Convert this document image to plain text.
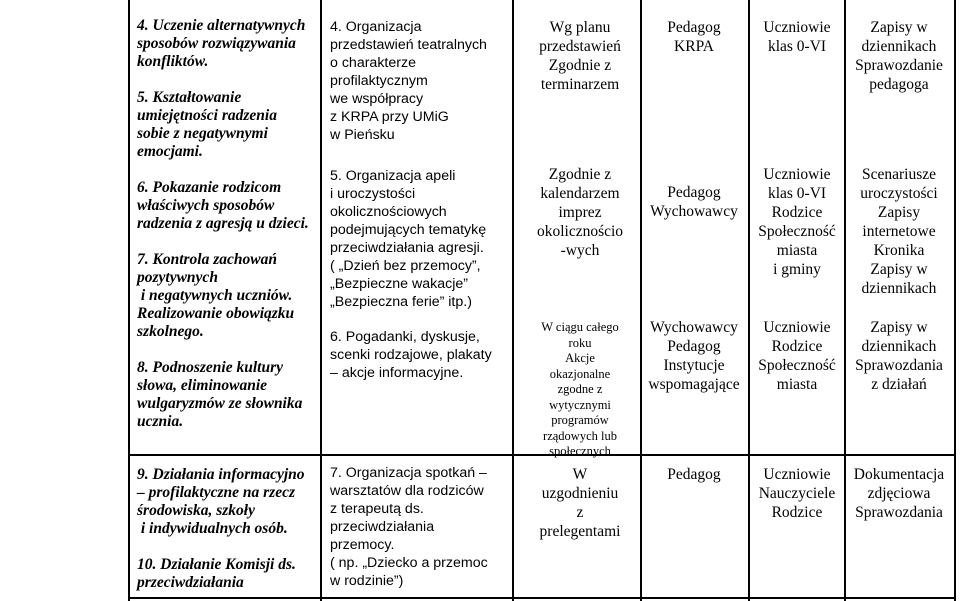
4. Uczenie alternatywnych
sposobów rozwiązywania
konfliktów.

5. Kształtowanie
umiejętności radzenia
sobie z negatywnymi
emocjami.

6. Pokazanie rodzicom
właściwych sposobów
radzenia z agresją u dzieci.

7. Kontrola zachowań
pozytywnych
i negatywnych uczniów.
Realizowanie obowiązku
szkolnego.

8. Podnoszenie kultury
słowa, eliminowanie
wulgaryzmów ze słownika
ucznia.
4. Organizacja
przedstawień teatralnych
o charakterze
profilaktycznym
we współpracy
z KRPA przy UMiG
w Pieńsku
5. Organizacja apeli
i uroczystości
okolicznościowych
podejmujących tematykę
przeciwdziałania agresji.
( „Dzień bez przemocy”,
„Bezpieczne wakacje”
„Bezpieczna ferie” itp.)
6. Pogadanki, dyskusje,
scenki rodzajowe, plakaty
– akcje informacyjne.
Wg planu
przedstawień
Zgodnie z
terminarzem
Zgodnie z
kalendarzem
imprez
okolicznościo
-wych
W ciągu całego
roku
Akcje
okazjonalne
zgodne z
wytycznymi
programów
rządowych lub
społecznych
Pedagog
KRPA
Pedagog
Wychowawcy
Wychowawcy
Pedagog
Instytucje
wspomagające
Uczniowie
klas 0-VI
Uczniowie
klas 0-VI
Rodzice
Społeczność
miasta
i gminy
Uczniowie
Rodzice
Społeczność
miasta
Zapisy w
dziennikach
Sprawozdanie
pedagoga
Scenariusze
uroczystości
Zapisy
internetowe
Kronika
Zapisy w
dziennikach
Zapisy w
dziennikach
Sprawozdania
z działań
9. Działania informacyjno
– profilaktyczne na rzecz
środowiska, szkoły
i indywidualnych osób.

10. Działanie Komisji ds.
przeciwdziałania
7. Organizacja spotkań –
warsztatów dla rodziców
z terapeutą ds.
przeciwdziałania
przemocy.
( np. „Dziecko a przemoc
w rodzinie”)
W
uzgodnieniu
z
prelegentami
Pedagog	Uczniowie
Nauczyciele
Rodzice
Dokumentacja
zdjęciowa
Sprawozdania
